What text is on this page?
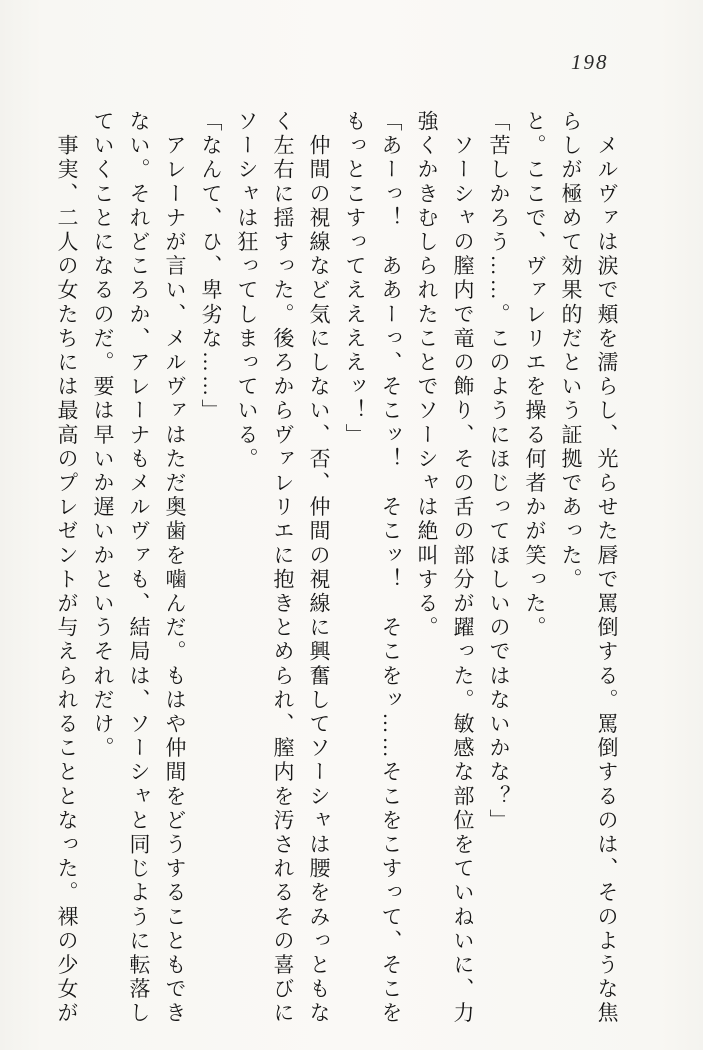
198

　メルヴァは涙で頬を濡らし、光らせた唇で罵倒する。罵倒するのは、そのような焦

らしが極めて効果的だという証拠であった。

と。ここで、ヴァレリエを操る何者かが笑った。

「苦しかろう……。このようにほじってほしいのではないかな？」

　ソーシャの膣内で竜の飾り、その舌の部分が躍った。敏感な部位をていねいに、力

強くかきむしられたことでソーシャは絶叫する。

「あーっ！　ああーっ、そこッ！　そこッ！　そこをッ……そこをこすって、そこを

もっとこすってええええッ！」

　仲間の視線など気にしない、否、仲間の視線に興奮してソーシャは腰をみっともな

く左右に揺すった。後ろからヴァレリエに抱きとめられ、膣内を汚されるその喜びに

ソーシャは狂ってしまっている。

「なんて、ひ、卑劣な……」

　アレーナが言い、メルヴァはただ奥歯を噛んだ。もはや仲間をどうすることもでき

ない。それどころか、アレーナもメルヴァも、結局は、ソーシャと同じように転落し

ていくことになるのだ。要は早いか遅いかというそれだけ。

　事実、二人の女たちには最高のプレゼントが与えられることとなった。裸の少女が
